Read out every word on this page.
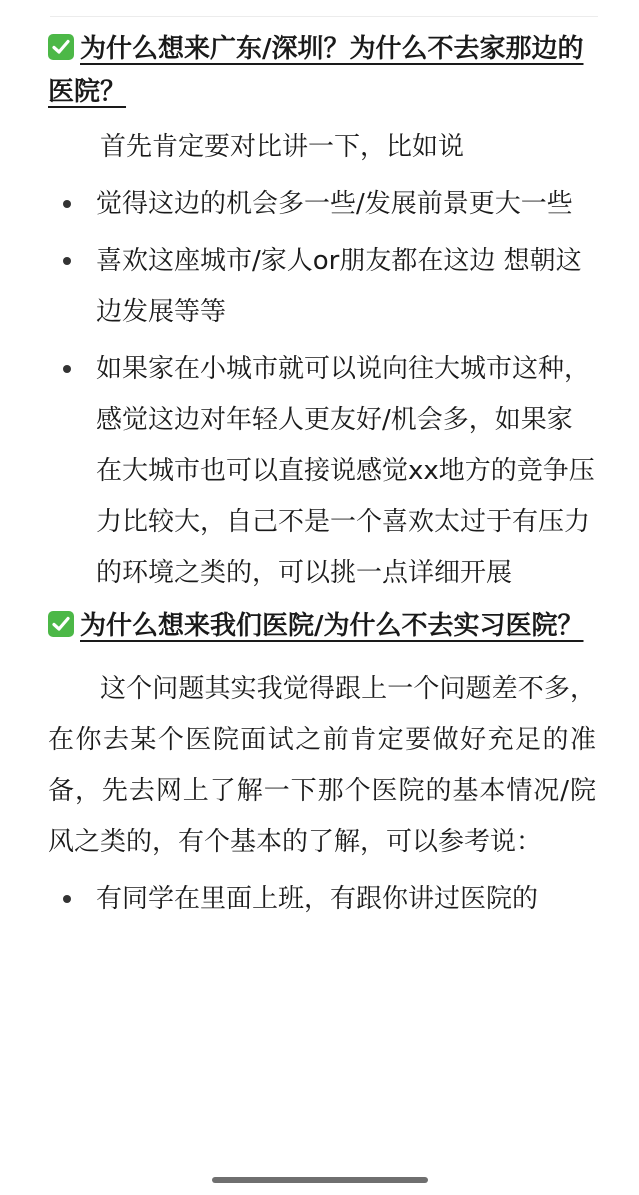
为什么想来广东/深圳？为什么不去家那边的医院？

首先肯定要对比讲一下，比如说

觉得这边的机会多一些/发展前景更大一些
喜欢这座城市/家人or朋友都在这边 想朝这边发展等等
如果家在小城市就可以说向往大城市这种，感觉这边对年轻人更友好/机会多，如果家在大城市也可以直接说感觉xx地方的竞争压力比较大，自己不是一个喜欢太过于有压力的环境之类的，可以挑一点详细开展
为什么想来我们医院/为什么不去实习医院？

这个问题其实我觉得跟上一个问题差不多，在你去某个医院面试之前肯定要做好充足的准备，先去网上了解一下那个医院的基本情况/院风之类的，有个基本的了解，可以参考说：

有同学在里面上班，有跟你讲过医院的
